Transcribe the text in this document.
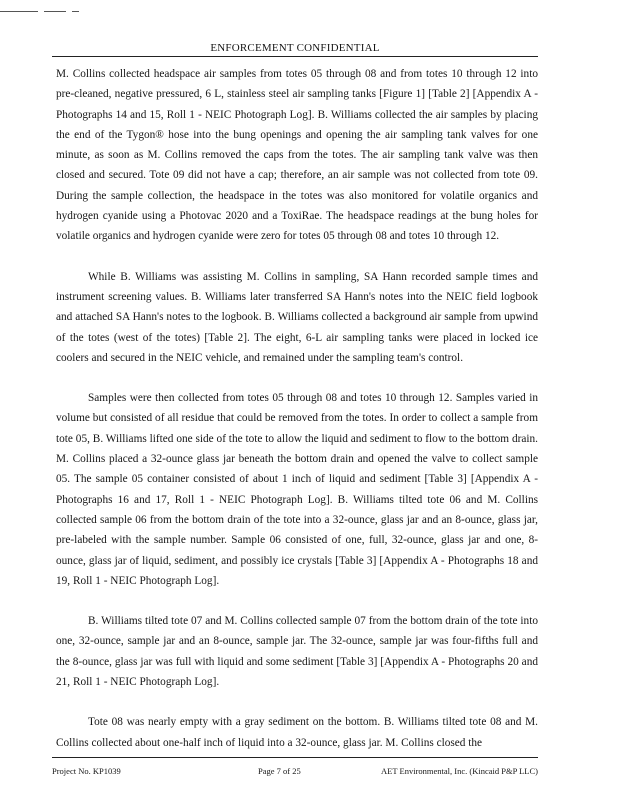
ENFORCEMENT CONFIDENTIAL

M. Collins collected headspace air samples from totes 05 through 08 and from totes 10 through 12 into pre-cleaned, negative pressured, 6 L, stainless steel air sampling tanks [Figure 1] [Table 2] [Appendix A - Photographs 14 and 15, Roll 1 - NEIC Photograph Log]. B. Williams collected the air samples by placing the end of the Tygon® hose into the bung openings and opening the air sampling tank valves for one minute, as soon as M. Collins removed the caps from the totes. The air sampling tank valve was then closed and secured. Tote 09 did not have a cap; therefore, an air sample was not collected from tote 09. During the sample collection, the headspace in the totes was also monitored for volatile organics and hydrogen cyanide using a Photovac 2020 and a ToxiRae. The headspace readings at the bung holes for volatile organics and hydrogen cyanide were zero for totes 05 through 08 and totes 10 through 12.

While B. Williams was assisting M. Collins in sampling, SA Hann recorded sample times and instrument screening values. B. Williams later transferred SA Hann's notes into the NEIC field logbook and attached SA Hann's notes to the logbook. B. Williams collected a background air sample from upwind of the totes (west of the totes) [Table 2]. The eight, 6-L air sampling tanks were placed in locked ice coolers and secured in the NEIC vehicle, and remained under the sampling team's control.

Samples were then collected from totes 05 through 08 and totes 10 through 12. Samples varied in volume but consisted of all residue that could be removed from the totes. In order to collect a sample from tote 05, B. Williams lifted one side of the tote to allow the liquid and sediment to flow to the bottom drain. M. Collins placed a 32-ounce glass jar beneath the bottom drain and opened the valve to collect sample 05. The sample 05 container consisted of about 1 inch of liquid and sediment [Table 3] [Appendix A - Photographs 16 and 17, Roll 1 - NEIC Photograph Log]. B. Williams tilted tote 06 and M. Collins collected sample 06 from the bottom drain of the tote into a 32-ounce, glass jar and an 8-ounce, glass jar, pre-labeled with the sample number. Sample 06 consisted of one, full, 32-ounce, glass jar and one, 8-ounce, glass jar of liquid, sediment, and possibly ice crystals [Table 3] [Appendix A - Photographs 18 and 19, Roll 1 - NEIC Photograph Log].

B. Williams tilted tote 07 and M. Collins collected sample 07 from the bottom drain of the tote into one, 32-ounce, sample jar and an 8-ounce, sample jar. The 32-ounce, sample jar was four-fifths full and the 8-ounce, glass jar was full with liquid and some sediment [Table 3] [Appendix A - Photographs 20 and 21, Roll 1 - NEIC Photograph Log].

Tote 08 was nearly empty with a gray sediment on the bottom. B. Williams tilted tote 08 and M. Collins collected about one-half inch of liquid into a 32-ounce, glass jar. M. Collins closed the

Project No. KP1039	Page 7 of 25	AET Environmental, Inc. (Kincaid P&P LLC)
